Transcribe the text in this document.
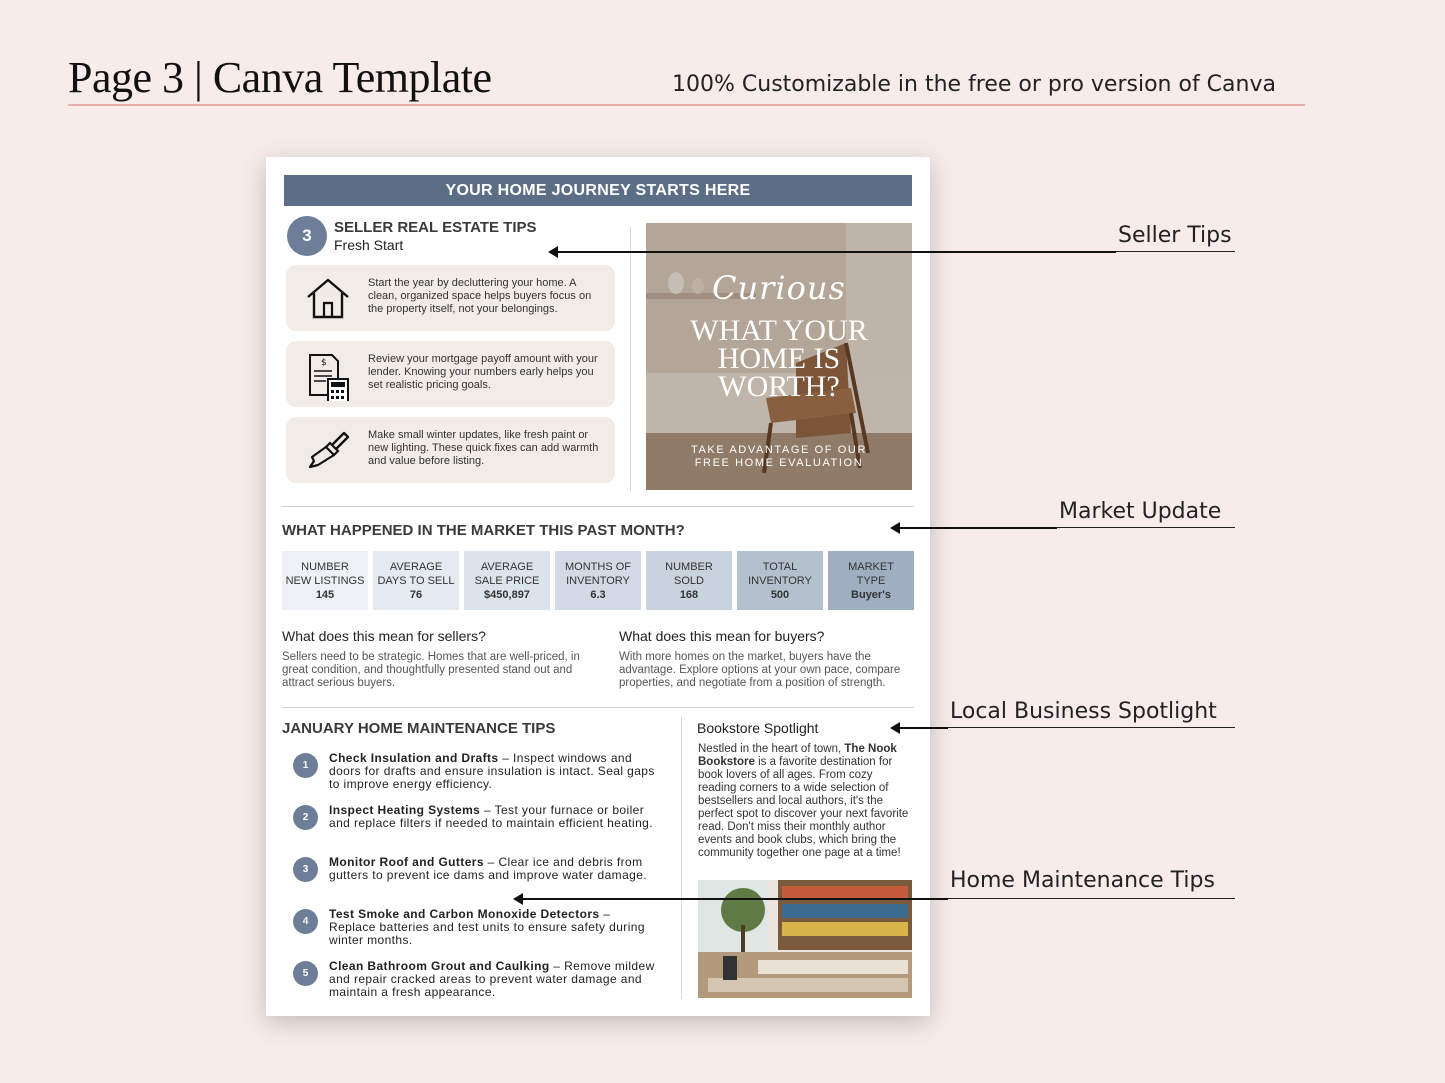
Page 3 | Canva Template	100% Customizable in the free or pro version of Canva
YOUR HOME JOURNEY STARTS HERE
3	SELLER REAL ESTATE TIPS
Fresh Start
Start the year by decluttering your home. A clean, organized space helps buyers focus on the property itself, not your belongings.
$	Review your mortgage payoff amount with your lender. Knowing your numbers early helps you set realistic pricing goals.
Make small winter updates, like fresh paint or new lighting. These quick fixes can add warmth and value before listing.
Curious
WHAT YOUR
HOME IS
WORTH?
TAKE ADVANTAGE OF OUR
FREE HOME EVALUATION
WHAT HAPPENED IN THE MARKET THIS PAST MONTH?
NUMBER
NEW LISTINGS
145
AVERAGE
DAYS TO SELL
76
AVERAGE
SALE PRICE
$450,897
MONTHS OF
INVENTORY
6.3
NUMBER
SOLD
168
TOTAL
INVENTORY
500
MARKET
TYPE
Buyer's
What does this mean for sellers?
Sellers need to be strategic. Homes that are well-priced, in great condition, and thoughtfully presented stand out and attract serious buyers.
What does this mean for buyers?
With more homes on the market, buyers have the advantage. Explore options at your own pace, compare properties, and negotiate from a position of strength.
JANUARY HOME MAINTENANCE TIPS
1
Check Insulation and Drafts – Inspect windows and doors for drafts and ensure insulation is intact. Seal gaps to improve energy efficiency.
2
Inspect Heating Systems – Test your furnace or boiler and replace filters if needed to maintain efficient heating.
3
Monitor Roof and Gutters – Clear ice and debris from gutters to prevent ice dams and improve water damage.
4
Test Smoke and Carbon Monoxide Detectors – Replace batteries and test units to ensure safety during winter months.
5
Clean Bathroom Grout and Caulking – Remove mildew and repair cracked areas to prevent water damage and maintain a fresh appearance.
Bookstore Spotlight
Nestled in the heart of town, The Nook Bookstore is a favorite destination for book lovers of all ages. From cozy reading corners to a wide selection of bestsellers and local authors, it's the perfect spot to discover your next favorite read. Don't miss their monthly author events and book clubs, which bring the community together one page at a time!
Seller Tips
Market Update
Local Business Spotlight
Home Maintenance Tips
